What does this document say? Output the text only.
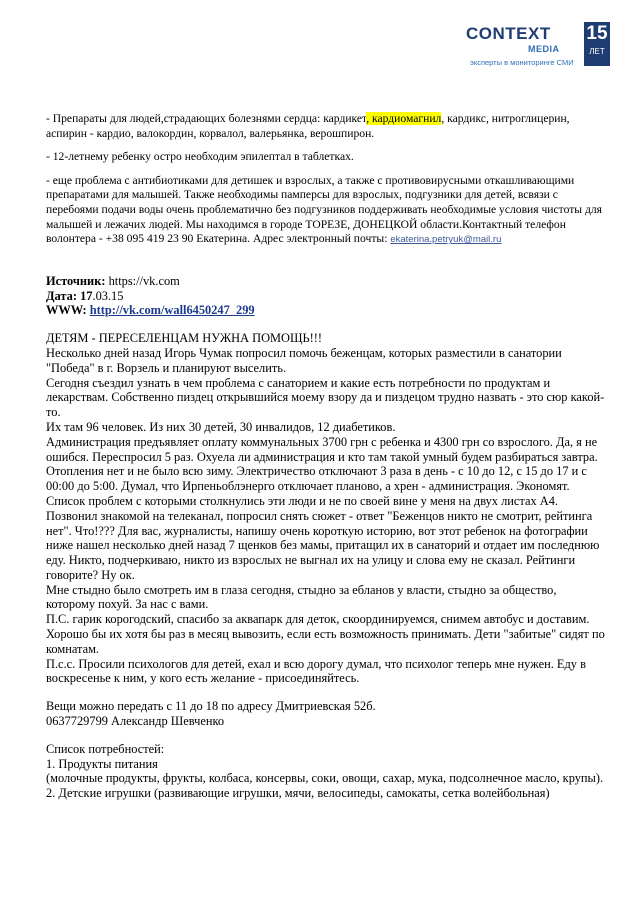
CONTEXT
MEDIA
эксперты в мониторинге СМИ
15
ЛЕТ

- Препараты для людей,страдающих болезнями сердца: кардикет, кардиомагнил, кардикс, нитроглицерин, аспирин - кардио, валокордин, корвалол, валерьянка, верошпирон.

- 12-летнему ребенку остро необходим эпилептал в таблетках.

- еще проблема с антибиотиками для детишек и взрослых, а также с противовирусными откашливающими препаратами для малышей. Также необходимы памперсы для взрослых, подгузники для детей, всвязи с перебоями подачи воды очень проблематично без подгузников поддерживать необходимые условия чистоты для малышей и лежачих людей. Мы находимся в городе ТОРЕЗЕ, ДОНЕЦКОЙ области.Контактный телефон волонтера - +38 095 419 23 90 Екатерина. Адрес электронный почты: ekaterina.petryuk@mail.ru

Источник: https://vk.com

Дата: 17.03.15

WWW: http://vk.com/wall6450247_299

ДЕТЯМ - ПЕРЕСЕЛЕНЦАМ НУЖНА ПОМОЩЬ!!!

Несколько дней назад Игорь Чумак попросил помочь беженцам, которых разместили в санатории "Победа" в г. Ворзель и планируют выселить.

Сегодня съездил узнать в чем проблема с санаторием и какие есть потребности по продуктам и лекарствам. Собственно пиздец открывшийся моему взору да и пиздецом трудно назвать - это сюр какой-то.

Их там 96 человек. Из них 30 детей, 30 инвалидов, 12 диабетиков.

Администрация предъявляет оплату коммунальных 3700 грн с ребенка и 4300 грн со взрослого. Да, я не ошибся. Переспросил 5 раз. Охуела ли администрация и кто там такой умный будем разбираться завтра. Отопления нет и не было всю зиму. Электричество отключают 3 раза в день - с 10 до 12, с 15 до 17 и с 00:00 до 5:00. Думал, что Ирпеньоблэнерго отключает планово, а хрен - администрация. Экономят. Список проблем с которыми столкнулись эти люди и не по своей вине у меня на двух листах А4. Позвонил знакомой на телеканал, попросил снять сюжет - ответ "Беженцов никто не смотрит, рейтинга нет". Что!??? Для вас, журналисты, напишу очень короткую историю, вот этот ребенок на фотографии ниже нашел несколько дней назад 7 щенков без мамы, притащил их в санаторий и отдает им последнюю еду. Никто, подчеркиваю, никто из взрослых не выгнал их на улицу и слова ему не сказал. Рейтинги говорите? Ну ок.

Мне стыдно было смотреть им в глаза сегодня, стыдно за ебланов у власти, стыдно за общество, которому похуй. За нас с вами.

П.С. гарик корогодский, спасибо за аквапарк для деток, скоординируемся, снимем автобус и доставим. Хорошо бы их хотя бы раз в месяц вывозить, если есть возможность принимать. Дети "забитые" сидят по комнатам.

П.с.с. Просили психологов для детей, ехал и всю дорогу думал, что психолог теперь мне нужен. Еду в воскресенье к ним, у кого есть желание - присоединяйтесь.

Вещи можно передать с 11 до 18 по адресу Дмитриевская 52б.

0637729799 Александр Шевченко

Список потребностей:

1. Продукты питания

(молочные продукты, фрукты, колбаса, консервы, соки, овощи, сахар, мука, подсолнечное масло, крупы).

2. Детские игрушки (развивающие игрушки, мячи, велосипеды, самокаты, сетка волейбольная)
